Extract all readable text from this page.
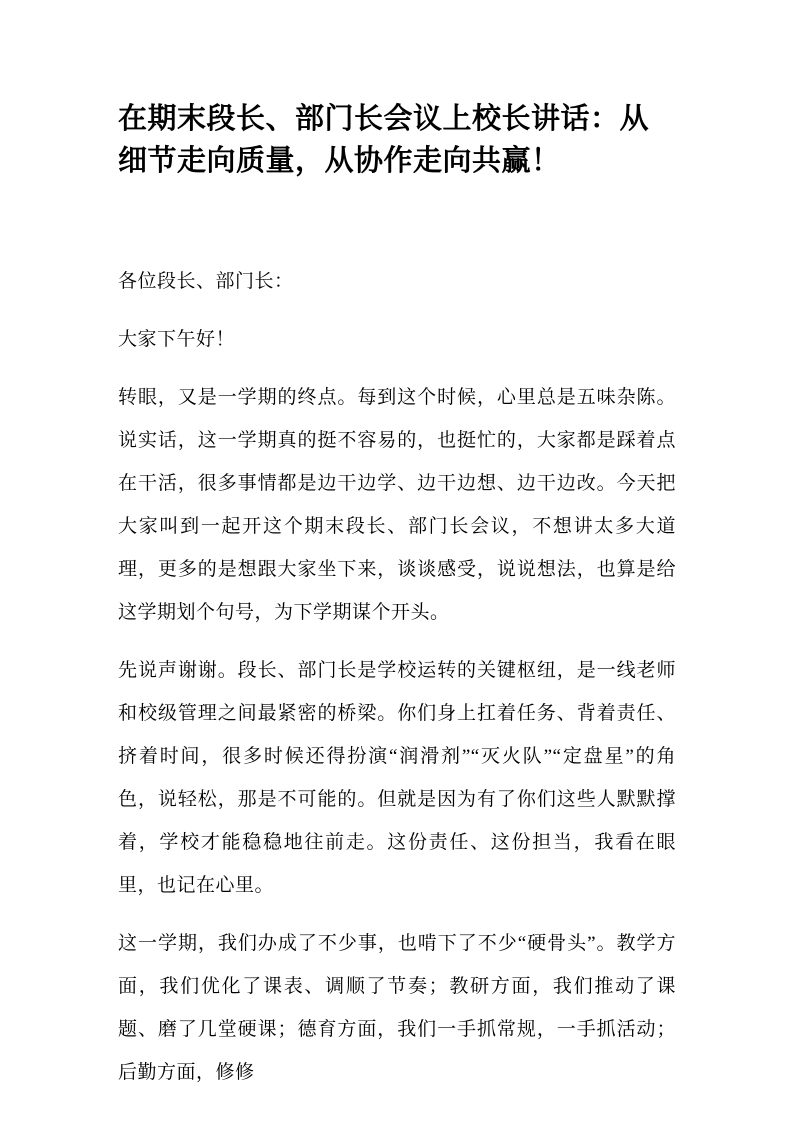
在期末段长、部门长会议上校长讲话：从细节走向质量，从协作走向共赢！

各位段长、部门长：

大家下午好！

转眼，又是一学期的终点。每到这个时候，心里总是五味杂陈。说实话，这一学期真的挺不容易的，也挺忙的，大家都是踩着点在干活，很多事情都是边干边学、边干边想、边干边改。今天把大家叫到一起开这个期末段长、部门长会议，不想讲太多大道理，更多的是想跟大家坐下来，谈谈感受，说说想法，也算是给这学期划个句号，为下学期谋个开头。

先说声谢谢。段长、部门长是学校运转的关键枢纽，是一线老师和校级管理之间最紧密的桥梁。你们身上扛着任务、背着责任、挤着时间，很多时候还得扮演“润滑剂”“灭火队”“定盘星”的角色，说轻松，那是不可能的。但就是因为有了你们这些人默默撑着，学校才能稳稳地往前走。这份责任、这份担当，我看在眼里，也记在心里。

这一学期，我们办成了不少事，也啃下了不少“硬骨头”。教学方面，我们优化了课表、调顺了节奏；教研方面，我们推动了课题、磨了几堂硬课；德育方面，我们一手抓常规，一手抓活动；后勤方面，修修
